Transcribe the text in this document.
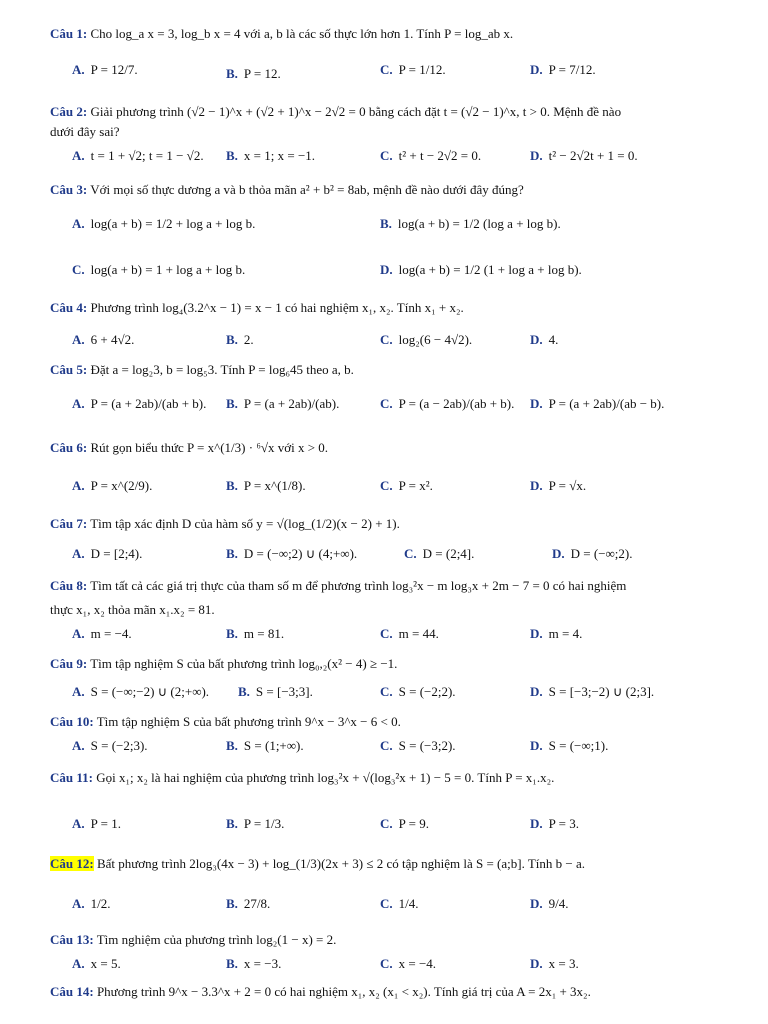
Câu 1: Cho log_a x = 3, log_b x = 4 với a, b là các số thực lớn hơn 1. Tính P = log_ab x.
A. P = 12/7.	B. P = 12.	C. P = 1/12.	D. P = 7/12.
Câu 2: Giải phương trình (√2 − 1)^x + (√2 + 1)^x − 2√2 = 0 bằng cách đặt t = (√2 − 1)^x, t > 0. Mệnh đề nào
dưới đây sai?
A. t = 1 + √2; t = 1 − √2. B. x = 1; x = −1.	C. t² + t − 2√2 = 0.	D. t² − 2√2t + 1 = 0.
Câu 3: Với mọi số thực dương a và b thỏa mãn a² + b² = 8ab, mệnh đề nào dưới đây đúng?
A. log(a + b) = 1/2 + log a + log b.	B. log(a + b) = 1/2 (log a + log b).
C. log(a + b) = 1 + log a + log b.	D. log(a + b) = 1/2 (1 + log a + log b).
Câu 4: Phương trình log₄(3.2^x − 1) = x − 1 có hai nghiệm x₁, x₂. Tính x₁ + x₂.
A. 6 + 4√2.	B. 2.	C. log₂(6 − 4√2).	D. 4.
Câu 5: Đặt a = log₂3, b = log₅3. Tính P = log₆45 theo a, b.
A. P = (a + 2ab)/(ab + b). B. P = (a + 2ab)/(ab).	C. P = (a − 2ab)/(ab + b). D. P = (a + 2ab)/(ab − b).
Câu 6: Rút gọn biểu thức P = x^(1/3) · ⁶√x với x > 0.
A. P = x^(2/9).	B. P = x^(1/8).	C. P = x².	D. P = √x.
Câu 7: Tìm tập xác định D của hàm số y = √(log_(1/2)(x − 2) + 1).
A. D = [2;4).	B. D = (−∞;2) ∪ (4;+∞).	C. D = (2;4].	D. D = (−∞;2).
Câu 8: Tìm tất cả các giá trị thực của tham số m để phương trình log₃²x − m log₃x + 2m − 7 = 0 có hai nghiệm
thực x₁, x₂ thỏa mãn x₁.x₂ = 81.
A. m = −4.	B. m = 81.	C. m = 44.	D. m = 4.
Câu 9: Tìm tập nghiệm S của bất phương trình log₀,₂(x² − 4) ≥ −1.
A. S = (−∞;−2) ∪ (2;+∞). B. S = [−3;3].	C. S = (−2;2).	D. S = [−3;−2) ∪ (2;3].
Câu 10: Tìm tập nghiệm S của bất phương trình 9^x − 3^x − 6 < 0.
A. S = (−2;3).	B. S = (1;+∞).	C. S = (−3;2).	D. S = (−∞;1).
Câu 11: Gọi x₁; x₂ là hai nghiệm của phương trình log₃²x + √(log₃²x + 1) − 5 = 0. Tính P = x₁.x₂.
A. P = 1.	B. P = 1/3.	C. P = 9.	D. P = 3.
Câu 12: Bất phương trình 2log₃(4x − 3) + log_(1/3)(2x + 3) ≤ 2 có tập nghiệm là S = (a;b]. Tính b − a.
A. 1/2.	B. 27/8.	C. 1/4.	D. 9/4.
Câu 13: Tìm nghiệm của phương trình log₂(1 − x) = 2.
A. x = 5.	B. x = −3.	C. x = −4.	D. x = 3.
Câu 14: Phương trình 9^x − 3.3^x + 2 = 0 có hai nghiệm x₁, x₂ (x₁ < x₂). Tính giá trị của A = 2x₁ + 3x₂.
